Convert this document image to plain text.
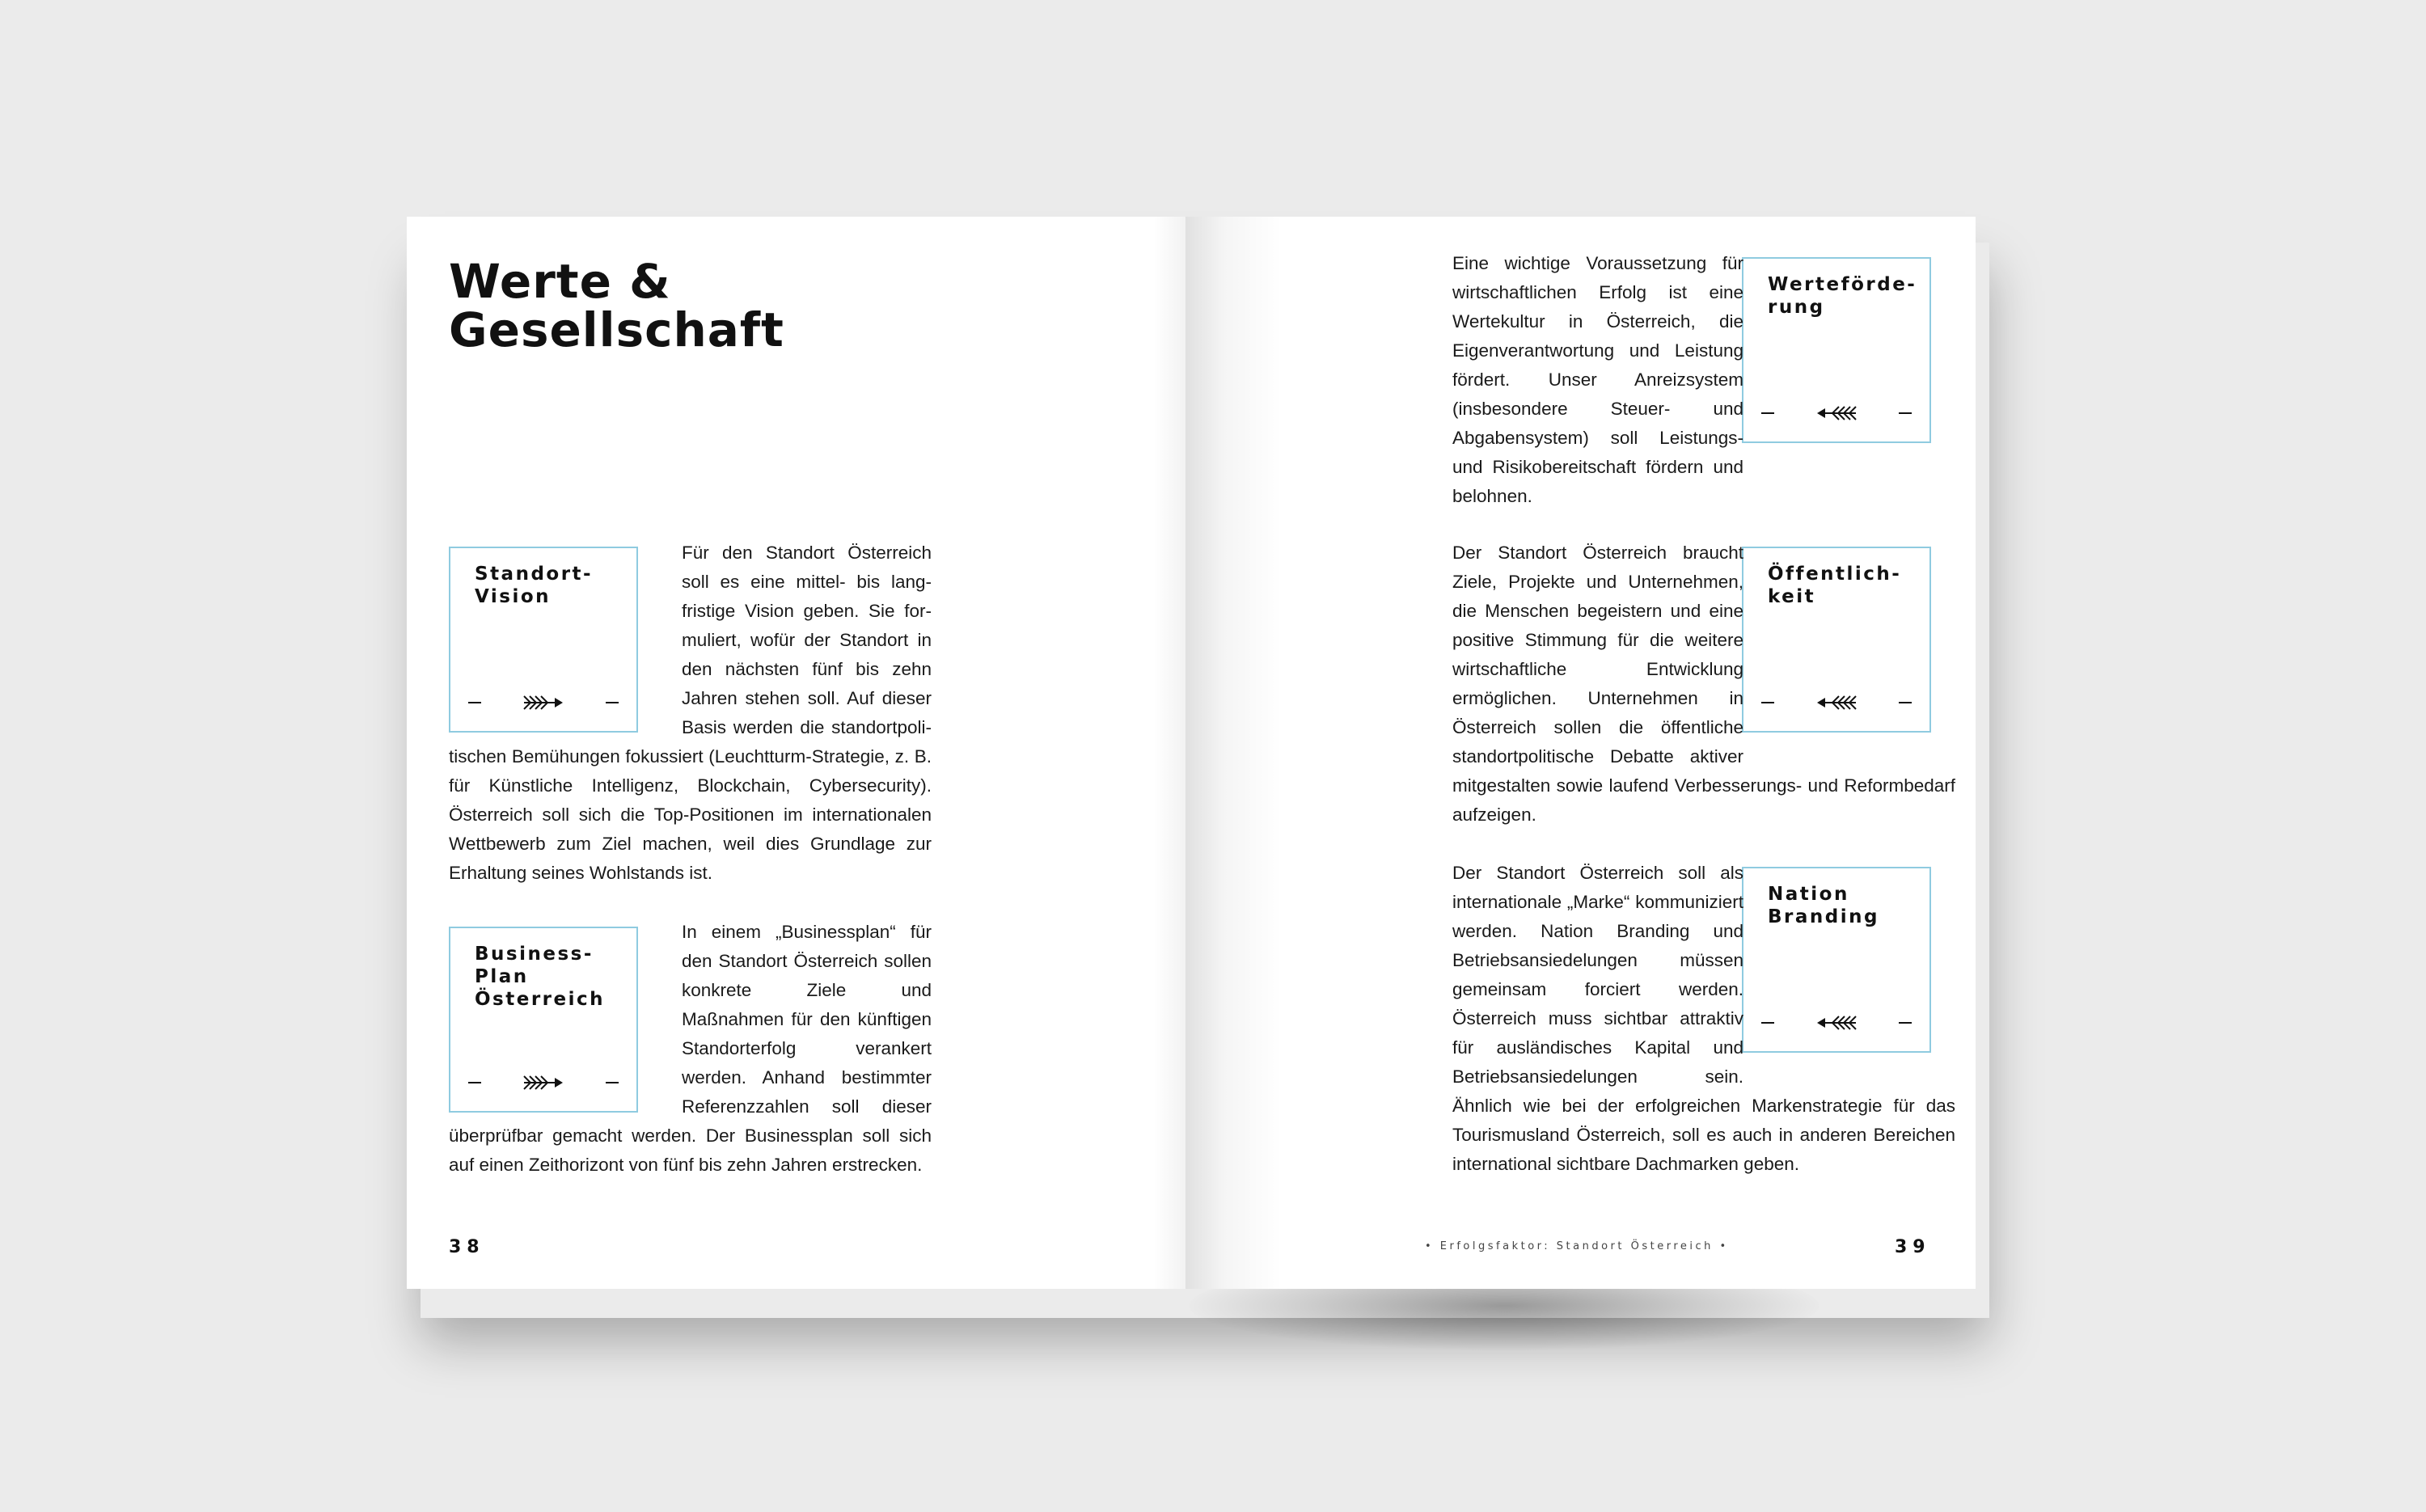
Werte &
Gesellschaft
Standort-
Vision
Für den Standort Österreich soll es eine mittel- bis langfristige Vision geben. Sie formuliert, wofür der Standort in den nächsten fünf bis zehn Jahren stehen soll. Auf dieser Basis werden die standortpolitischen Bemühungen fokussiert (Leuchtturm-Strategie, z. B. für Künstliche Intelligenz, Blockchain, Cybersecurity). Österreich soll sich die Top-Positionen im internationalen Wettbewerb zum Ziel machen, weil dies Grundlage zur Erhaltung seines Wohlstands ist.
Business-
Plan
Österreich
In einem „Businessplan“ für den Standort Österreich sollen konkrete Ziele und Maßnahmen für den künftigen Standorterfolg verankert werden. Anhand bestimmter Referenzzahlen soll dieser überprüfbar gemacht werden. Der Businessplan soll sich auf einen Zeithorizont von fünf bis zehn Jahren erstrecken.
38
Werteförde-
rung
Eine wichtige Voraussetzung für wirtschaftlichen Erfolg ist eine Wertekultur in Österreich, die Eigenverantwortung und Leistung fördert. Unser Anreizsystem (insbesondere Steuer- und Abgabensystem) soll Leistungs- und Risikobereitschaft fördern und belohnen.
Öffentlich-
keit
Der Standort Österreich braucht Ziele, Projekte und Unternehmen, die Menschen begeistern und eine positive Stimmung für die weitere wirtschaftliche Entwicklung ermöglichen. Unternehmen in Österreich sollen die öffentliche standortpolitische Debatte aktiver mitgestalten sowie laufend Verbesserungs- und Reformbedarf aufzeigen.
Nation
Branding
Der Standort Österreich soll als internationale „Marke“ kommuniziert werden. Nation Branding und Betriebsansiedelungen müssen gemeinsam forciert werden. Österreich muss sichtbar attraktiv für ausländisches Kapital und Betriebsansiedelungen sein. Ähnlich wie bei der erfolgreichen Markenstrategie für das Tourismusland Österreich, soll es auch in anderen Bereichen international sichtbare Dachmarken geben.
• Erfolgsfaktor: Standort Österreich •	39
